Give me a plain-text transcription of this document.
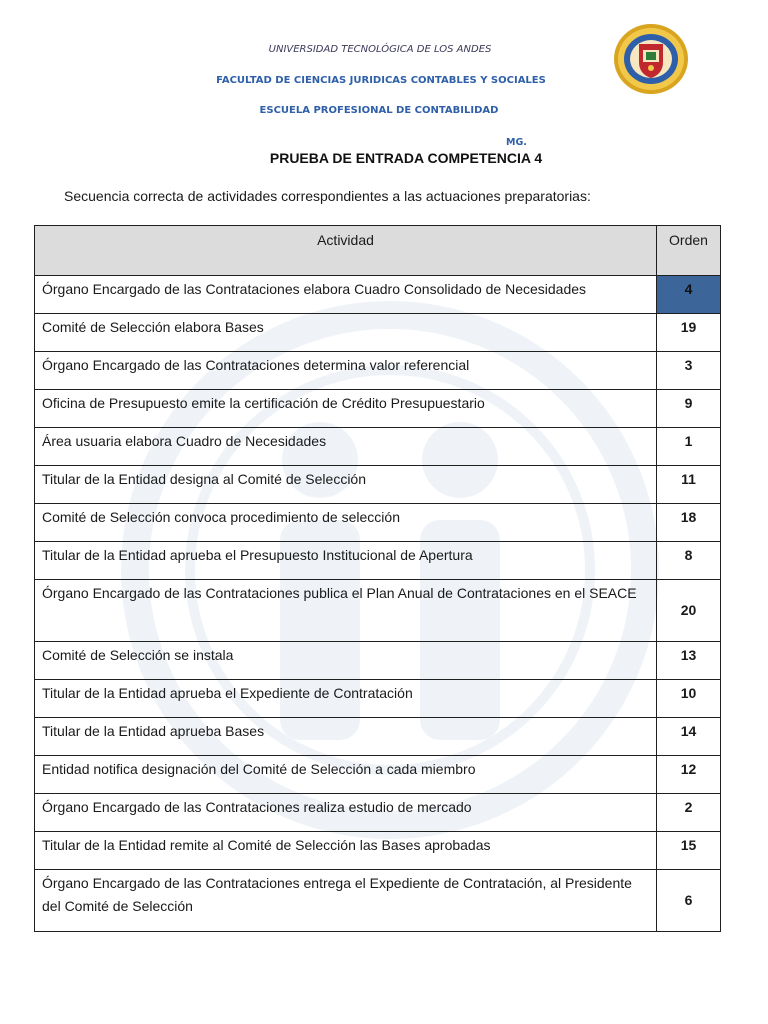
UNIVERSIDAD TECNOLÓGICA DE LOS ANDES
FACULTAD DE CIENCIAS JURIDICAS CONTABLES Y SOCIALES
ESCUELA PROFESIONAL DE CONTABILIDAD
MG.
PRUEBA DE ENTRADA COMPETENCIA 4
Secuencia correcta de actividades correspondientes a las actuaciones preparatorias:
Actividad	Orden
Órgano Encargado de las Contrataciones elabora Cuadro Consolidado de Necesidades	4
Comité de Selección elabora Bases	19
Órgano Encargado de las Contrataciones determina valor referencial	3
Oficina de Presupuesto emite la certificación de Crédito Presupuestario	9
Área usuaria elabora Cuadro de Necesidades	1
Titular de la Entidad designa al Comité de Selección	11
Comité de Selección convoca procedimiento de selección	18
Titular de la Entidad aprueba el Presupuesto Institucional de Apertura	8
Órgano Encargado de las Contrataciones publica el Plan Anual de Contrataciones en el SEACE	20
Comité de Selección se instala	13
Titular de la Entidad aprueba el Expediente de Contratación	10
Titular de la Entidad aprueba Bases	14
Entidad notifica designación del Comité de Selección a cada miembro	12
Órgano Encargado de las Contrataciones realiza estudio de mercado	2
Titular de la Entidad remite al Comité de Selección las Bases aprobadas	15
Órgano Encargado de las Contrataciones entrega el Expediente de Contratación, al Presidente del Comité de Selección	6
